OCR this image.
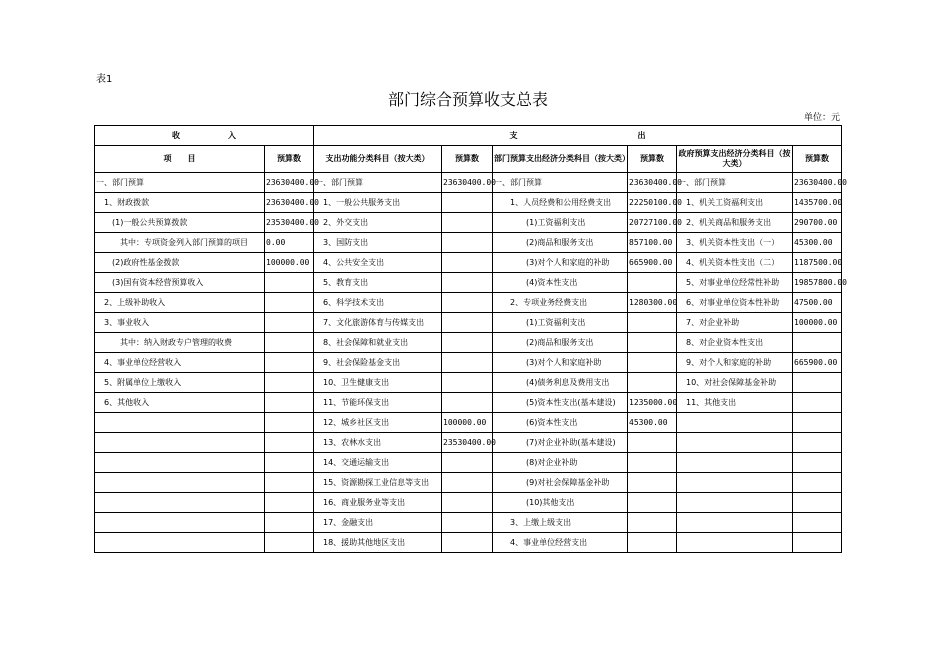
表1
部门综合预算收支总表
单位：元
收　　　　　　入		支　　　　　　　　　　　　　　　出					
项　　目	预算数	支出功能分类科目（按大类）	预算数	部门预算支出经济分类科目（按大类）	预算数	政府预算支出经济分类科目（按大类）	预算数
一、部门预算	23630400.00	一、部门预算	23630400.00	一、部门预算	23630400.00	一、部门预算	23630400.00
　1、财政拨款	23630400.00	　1、一般公共服务支出		　　1、人员经费和公用经费支出	22250100.00	　1、机关工资福利支出	1435700.00
　　(1)一般公共预算拨款	23530400.00	　2、外交支出		　　　　(1)工资福利支出	20727100.00	　2、机关商品和服务支出	290700.00
　　　其中：专项资金列入部门预算的项目	0.00	　3、国防支出		　　　　(2)商品和服务支出	857100.00	　3、机关资本性支出（一）	45300.00
　　(2)政府性基金拨款	100000.00	　4、公共安全支出		　　　　(3)对个人和家庭的补助	665900.00	　4、机关资本性支出（二）	1187500.00
　　(3)国有资本经营预算收入		　5、教育支出		　　　　(4)资本性支出		　5、对事业单位经常性补助	19857800.00
　2、上级补助收入		　6、科学技术支出		　　2、专项业务经费支出	1280300.00	　6、对事业单位资本性补助	47500.00
　3、事业收入		　7、文化旅游体育与传媒支出		　　　　(1)工资福利支出		　7、对企业补助	100000.00
　　　其中：纳入财政专户管理的收费		　8、社会保障和就业支出		　　　　(2)商品和服务支出		　8、对企业资本性支出	
　4、事业单位经营收入		　9、社会保险基金支出		　　　　(3)对个人和家庭补助		　9、对个人和家庭的补助	665900.00
　5、附属单位上缴收入		　10、卫生健康支出		　　　　(4)债务利息及费用支出		　10、对社会保障基金补助	
　6、其他收入		　11、节能环保支出		　　　　(5)资本性支出(基本建设)	1235000.00	　11、其他支出	
		　12、城乡社区支出	100000.00	　　　　(6)资本性支出	45300.00		
		　13、农林水支出	23530400.00	　　　　(7)对企业补助(基本建设)			
		　14、交通运输支出		　　　　(8)对企业补助			
		　15、资源勘探工业信息等支出		　　　　(9)对社会保障基金补助			
		　16、商业服务业等支出		　　　　(10)其他支出			
		　17、金融支出		　　3、上缴上级支出			
		　18、援助其他地区支出		　　4、事业单位经营支出			
